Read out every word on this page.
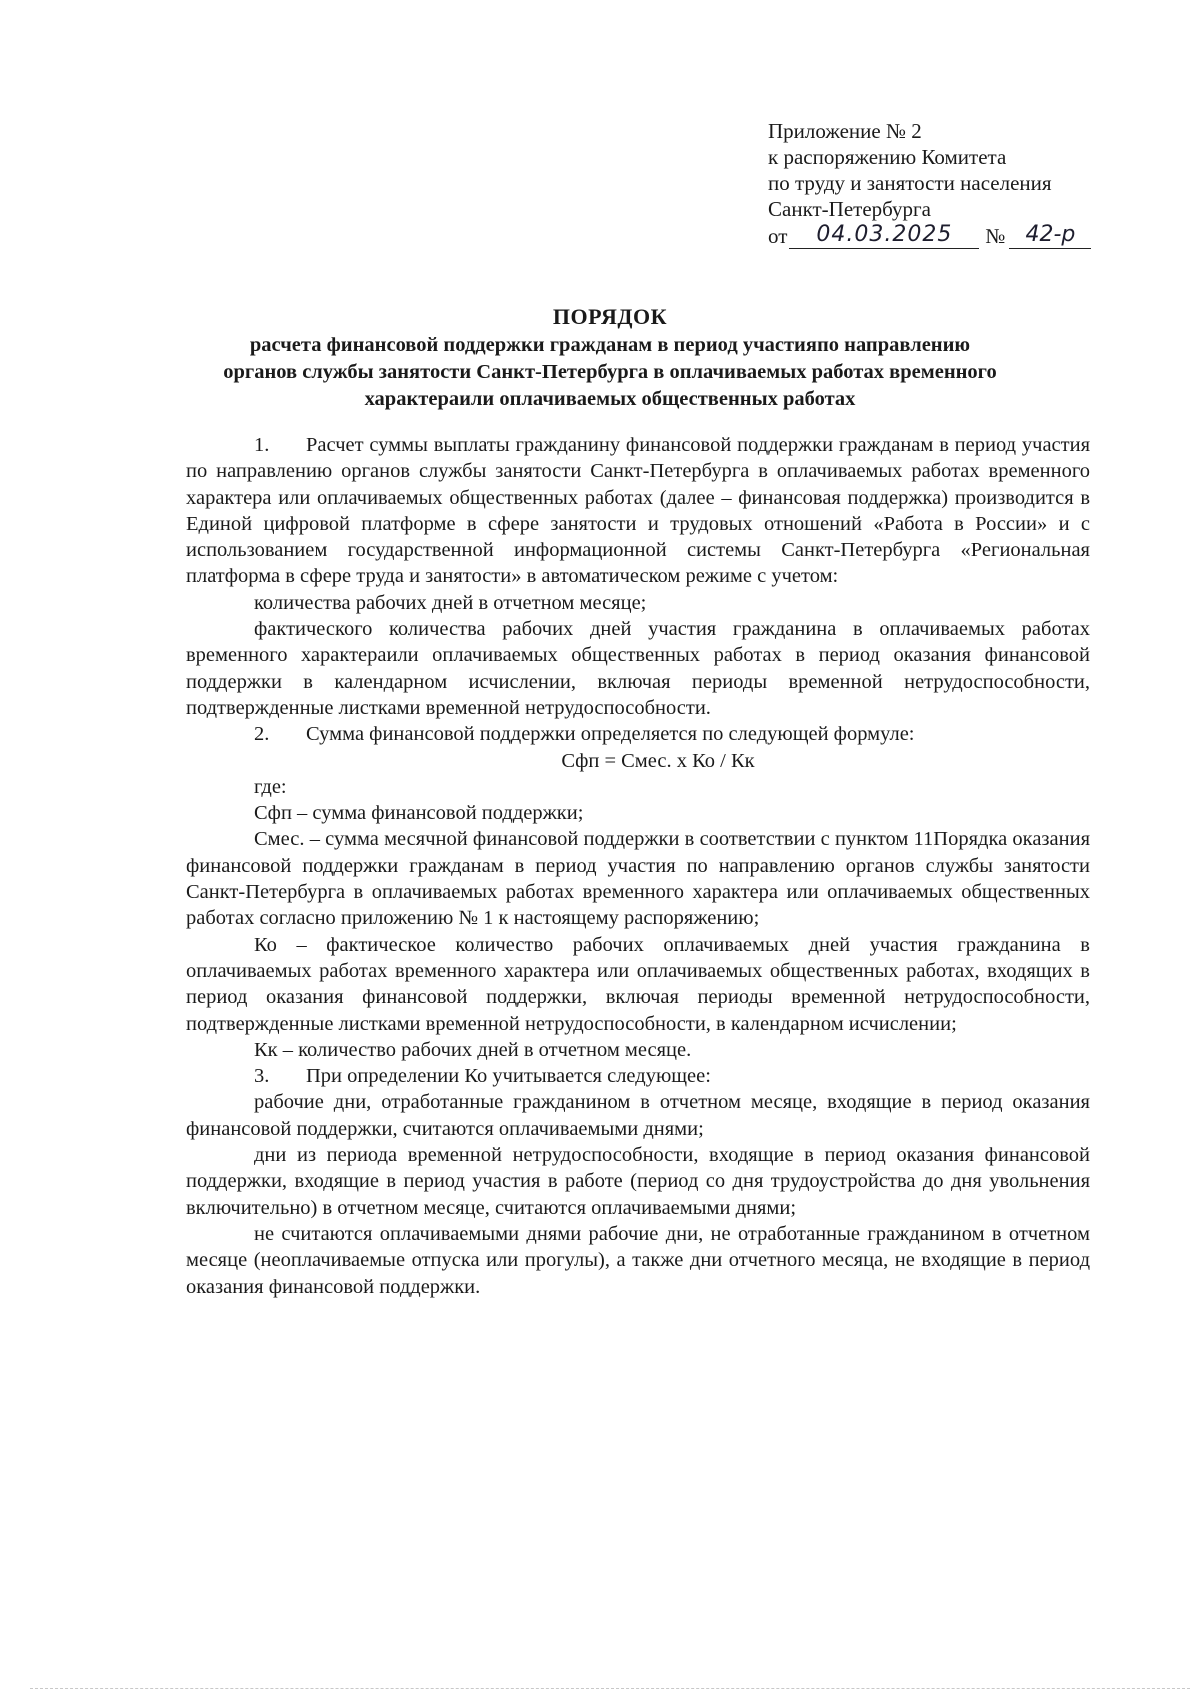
Приложение № 2
к распоряжению Комитета
по труду и занятости населения
Санкт-Петербурга
от	04.03.2025	№ 42-р
ПОРЯДОК
расчета финансовой поддержки гражданам в период участияпо направлению
органов службы занятости Санкт-Петербурга в оплачиваемых работах временного
характераили оплачиваемых общественных работах

1. Расчет суммы выплаты гражданину финансовой поддержки гражданам в период участия по направлению органов службы занятости Санкт-Петербурга в оплачиваемых работах временного характера или оплачиваемых общественных работах (далее – финансовая поддержка) производится в Единой цифровой платформе в сфере занятости и трудовых отношений «Работа в России» и с использованием государственной информационной системы Санкт-Петербурга «Региональная платформа в сфере труда и занятости» в автоматическом режиме с учетом:

количества рабочих дней в отчетном месяце;

фактического количества рабочих дней участия гражданина в оплачиваемых работах временного характераили оплачиваемых общественных работах в период оказания финансовой поддержки в календарном исчислении, включая периоды временной нетрудоспособности, подтвержденные листками временной нетрудоспособности.

2. Сумма финансовой поддержки определяется по следующей формуле:

Сфп = Смес. х Ко / Кк

где:

Сфп – сумма финансовой поддержки;

Смес. – сумма месячной финансовой поддержки в соответствии с пунктом 11Порядка оказания финансовой поддержки гражданам в период участия по направлению органов службы занятости Санкт-Петербурга в оплачиваемых работах временного характера или оплачиваемых общественных работах согласно приложению № 1 к настоящему распоряжению;

Ко – фактическое количество рабочих оплачиваемых дней участия гражданина в оплачиваемых работах временного характера или оплачиваемых общественных работах, входящих в период оказания финансовой поддержки, включая периоды временной нетрудоспособности, подтвержденные листками временной нетрудоспособности, в календарном исчислении;

Кк – количество рабочих дней в отчетном месяце.

3. При определении Ко учитывается следующее:

рабочие дни, отработанные гражданином в отчетном месяце, входящие в период оказания финансовой поддержки, считаются оплачиваемыми днями;

дни из периода временной нетрудоспособности, входящие в период оказания финансовой поддержки, входящие в период участия в работе (период со дня трудоустройства до дня увольнения включительно) в отчетном месяце, считаются оплачиваемыми днями;

не считаются оплачиваемыми днями рабочие дни, не отработанные гражданином в отчетном месяце (неоплачиваемые отпуска или прогулы), а также дни отчетного месяца, не входящие в период оказания финансовой поддержки.
